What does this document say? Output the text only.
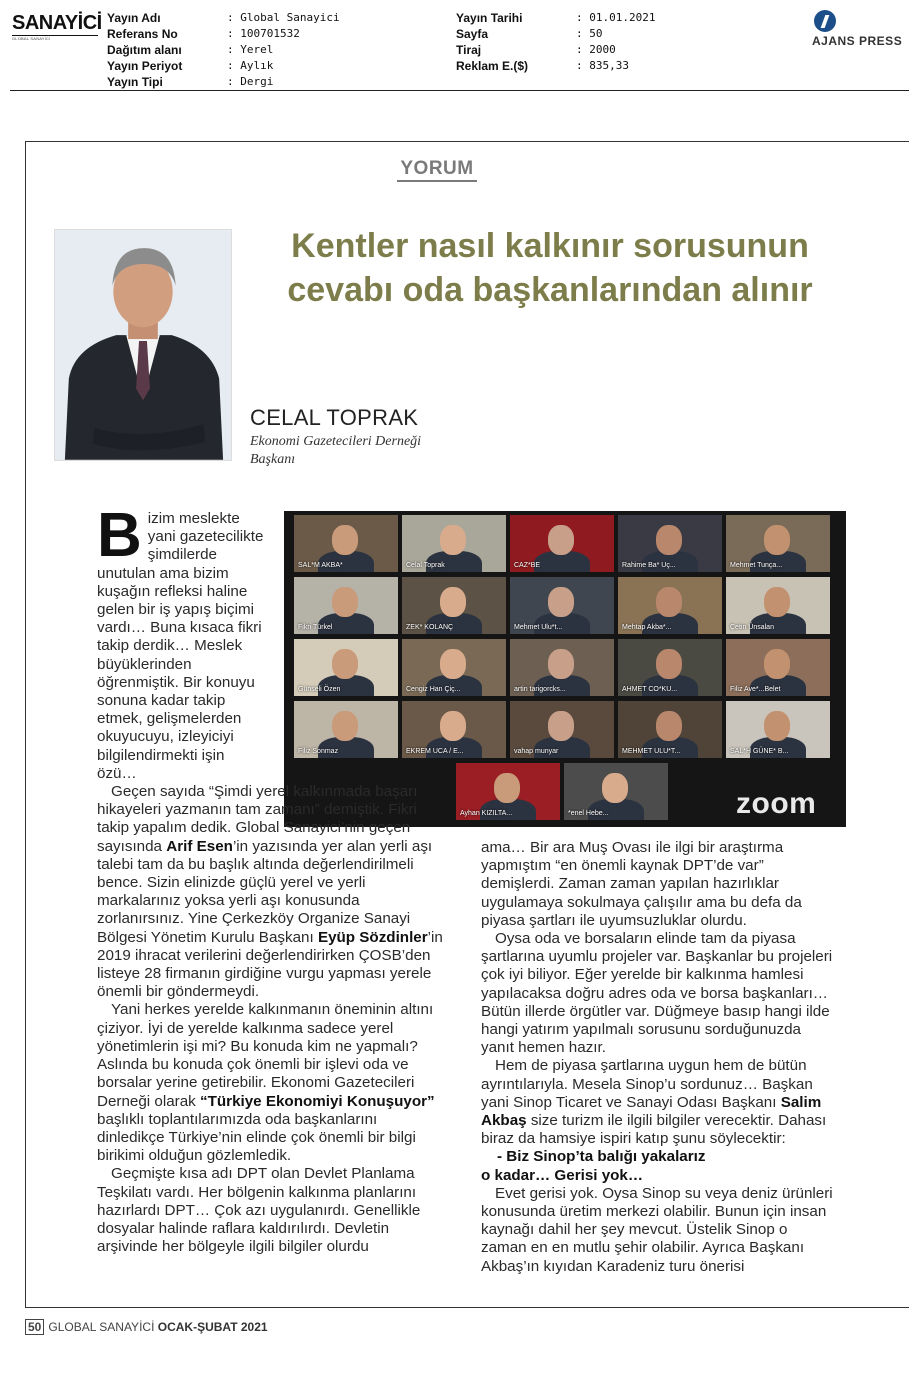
SANAYİCİ
GLOBAL SANAYİCİ
Yayın Adı	: Global Sanayici
Referans No	: 100701532
Dağıtım alanı	: Yerel
Yayın Periyot	: Aylık
Yayın Tipi	: Dergi
Yayın Tarihi	: 01.01.2021
Sayfa	: 50
Tiraj	: 2000
Reklam E.($)	: 835,33
AJANS PRESS
YORUM
Kentler nasıl kalkınır sorusunun cevabı oda başkanlarından alınır
CELAL TOPRAK
Ekonomi Gazetecileri Derneği Başkanı
zoom
SAL*M AKBA*	Celal Toprak	CAZ*BE	Rahime Ba* Uç...	Mehmet Tunça...
Fikri Türkel	ZEK* KOLANÇ	Mehmet Ulu*t...	Mehtap Akba*...	Çetin Ünsalan
Günseli Özen	Cengiz Han Çiç...	artin tarigorcks...	AHMET CO*KU...	Filiz Ave*...Belet
Filiz Sonmaz	EKREM UCA / E...	vahap munyar	MEHMET ULU*T...	SAL*H GÜNE* B...
Ayhan KIZILTA...	*enel Hebe...

Bizim meslekte yani gazetecilikte şimdilerde unutulan ama bizim kuşağın refleksi haline gelen bir iş yapış biçimi vardı… Buna kısaca fikri takip derdik… Meslek büyüklerinden öğrenmiştik. Bir konuyu sonuna kadar takip etmek, gelişmelerden okuyucuyu, izleyiciyi bilgilendirmekti işin özü…

Geçen sayıda “Şimdi yerel kalkınmada başarı hikayeleri yazmanın tam zamanı” demiştik. Fikri takip yapalım dedik. Global Sanayici’nin geçen sayısında Arif Esen’in yazısında yer alan yerli aşı talebi tam da bu başlık altında değerlendirilmeli bence. Sizin elinizde güçlü yerel ve yerli markalarınız yoksa yerli aşı konusunda zorlanırsınız. Yine Çerkezköy Organize Sanayi Bölgesi Yönetim Kurulu Başkanı Eyüp Sözdinler’in 2019 ihracat verilerini değerlendirirken ÇOSB’den listeye 28 firmanın girdiğine vurgu yapması yerele önemli bir göndermeydi.

Yani herkes yerelde kalkınmanın öneminin altını çiziyor. İyi de yerelde kalkınma sadece yerel yönetimlerin işi mi? Bu konuda kim ne yapmalı? Aslında bu konuda çok önemli bir işlevi oda ve borsalar yerine getirebilir. Ekonomi Gazetecileri Derneği olarak “Türkiye Ekonomiyi Konuşuyor” başlıklı toplantılarımızda oda başkanlarını dinledikçe Türkiye’nin elinde çok önemli bir bilgi birikimi olduğun gözlemledik.

Geçmişte kısa adı DPT olan Devlet Planlama Teşkilatı vardı. Her bölgenin kalkınma planlarını hazırlardı DPT… Çok azı uygulanırdı. Genellikle dosyalar halinde raflara kaldırılırdı. Devletin arşivinde her bölgeyle ilgili bilgiler olurdu

ama… Bir ara Muş Ovası ile ilgi bir araştırma yapmıştım “en önemli kaynak DPT’de var” demişlerdi. Zaman zaman yapılan hazırlıklar uygulamaya sokulmaya çalışılır ama bu defa da piyasa şartları ile uyumsuzluklar olurdu.

Oysa oda ve borsaların elinde tam da piyasa şartlarına uyumlu projeler var. Başkanlar bu projeleri çok iyi biliyor. Eğer yerelde bir kalkınma hamlesi yapılacaksa doğru adres oda ve borsa başkanları… Bütün illerde örgütler var. Düğmeye basıp hangi ilde hangi yatırım yapılmalı sorusunu sorduğunuzda yanıt hemen hazır.

Hem de piyasa şartlarına uygun hem de bütün ayrıntılarıyla. Mesela Sinop’u sordunuz… Başkan yani Sinop Ticaret ve Sanayi Odası Başkanı Salim Akbaş size turizm ile ilgili bilgiler verecektir. Dahası biraz da hamsiye ispiri katıp şunu söylecektir:

- Biz Sinop’ta balığı yakalarız

o kadar… Gerisi yok…

Evet gerisi yok. Oysa Sinop su veya deniz ürünleri konusunda üretim merkezi olabilir. Bunun için insan kaynağı dahil her şey mevcut. Üstelik Sinop o zaman en en mutlu şehir olabilir. Ayrıca Başkanı Akbaş’ın kıyıdan Karadeniz turu önerisi

50 GLOBAL SANAYİCİ OCAK-ŞUBAT 2021
